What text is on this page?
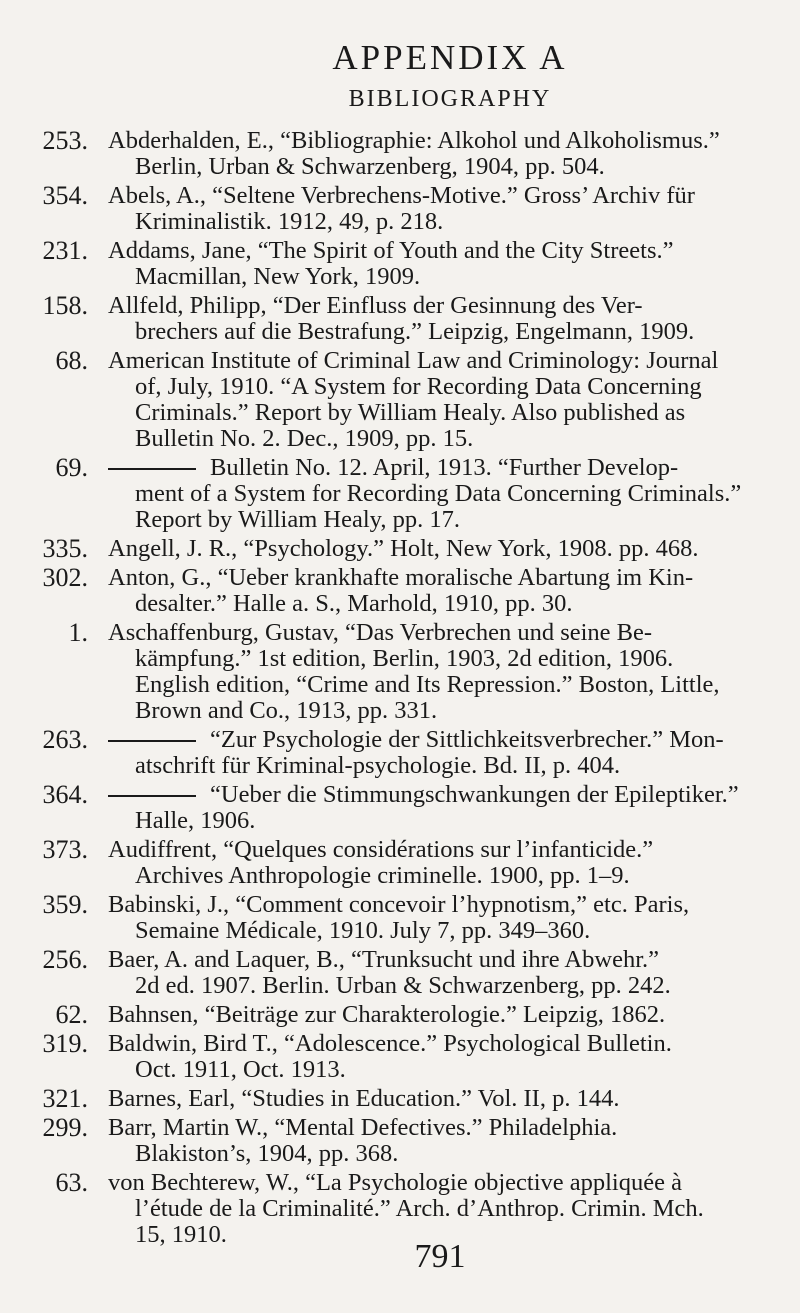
APPENDIX A
BIBLIOGRAPHY
253. Abderhalden, E., “Bibliographie: Alkohol und Alkoholismus.”
Berlin, Urban & Schwarzenberg, 1904, pp. 504.
354. Abels, A., “Seltene Verbrechens-Motive.” Gross’ Archiv für
Kriminalistik. 1912, 49, p. 218.
231. Addams, Jane, “The Spirit of Youth and the City Streets.”
Macmillan, New York, 1909.
158. Allfeld, Philipp, “Der Einfluss der Gesinnung des Ver-
brechers auf die Bestrafung.” Leipzig, Engelmann, 1909.
68. American Institute of Criminal Law and Criminology: Journal
of, July, 1910. “A System for Recording Data Concerning
Criminals.” Report by William Healy. Also published as
Bulletin No. 2. Dec., 1909, pp. 15.
69.	Bulletin No. 12. April, 1913. “Further Develop-
ment of a System for Recording Data Concerning Criminals.”
Report by William Healy, pp. 17.
335. Angell, J. R., “Psychology.” Holt, New York, 1908. pp. 468.
302. Anton, G., “Ueber krankhafte moralische Abartung im Kin-
desalter.” Halle a. S., Marhold, 1910, pp. 30.
1. Aschaffenburg, Gustav, “Das Verbrechen und seine Be-
kämpfung.” 1st edition, Berlin, 1903, 2d edition, 1906.
English edition, “Crime and Its Repression.” Boston, Little,
Brown and Co., 1913, pp. 331.
263.	“Zur Psychologie der Sittlichkeitsverbrecher.” Mon-
atschrift für Kriminal-psychologie. Bd. II, p. 404.
364.	“Ueber die Stimmungschwankungen der Epileptiker.”
Halle, 1906.
373. Audiffrent, “Quelques considérations sur l’infanticide.”
Archives Anthropologie criminelle. 1900, pp. 1–9.
359. Babinski, J., “Comment concevoir l’hypnotism,” etc. Paris,
Semaine Médicale, 1910. July 7, pp. 349–360.
256. Baer, A. and Laquer, B., “Trunksucht und ihre Abwehr.”
2d ed. 1907. Berlin. Urban & Schwarzenberg, pp. 242.
62. Bahnsen, “Beiträge zur Charakterologie.” Leipzig, 1862.
319. Baldwin, Bird T., “Adolescence.” Psychological Bulletin.
Oct. 1911, Oct. 1913.
321. Barnes, Earl, “Studies in Education.” Vol. II, p. 144.
299. Barr, Martin W., “Mental Defectives.” Philadelphia.
Blakiston’s, 1904, pp. 368.
63. von Bechterew, W., “La Psychologie objective appliquée à
l’étude de la Criminalité.” Arch. d’Anthrop. Crimin. Mch.
15, 1910.
791
